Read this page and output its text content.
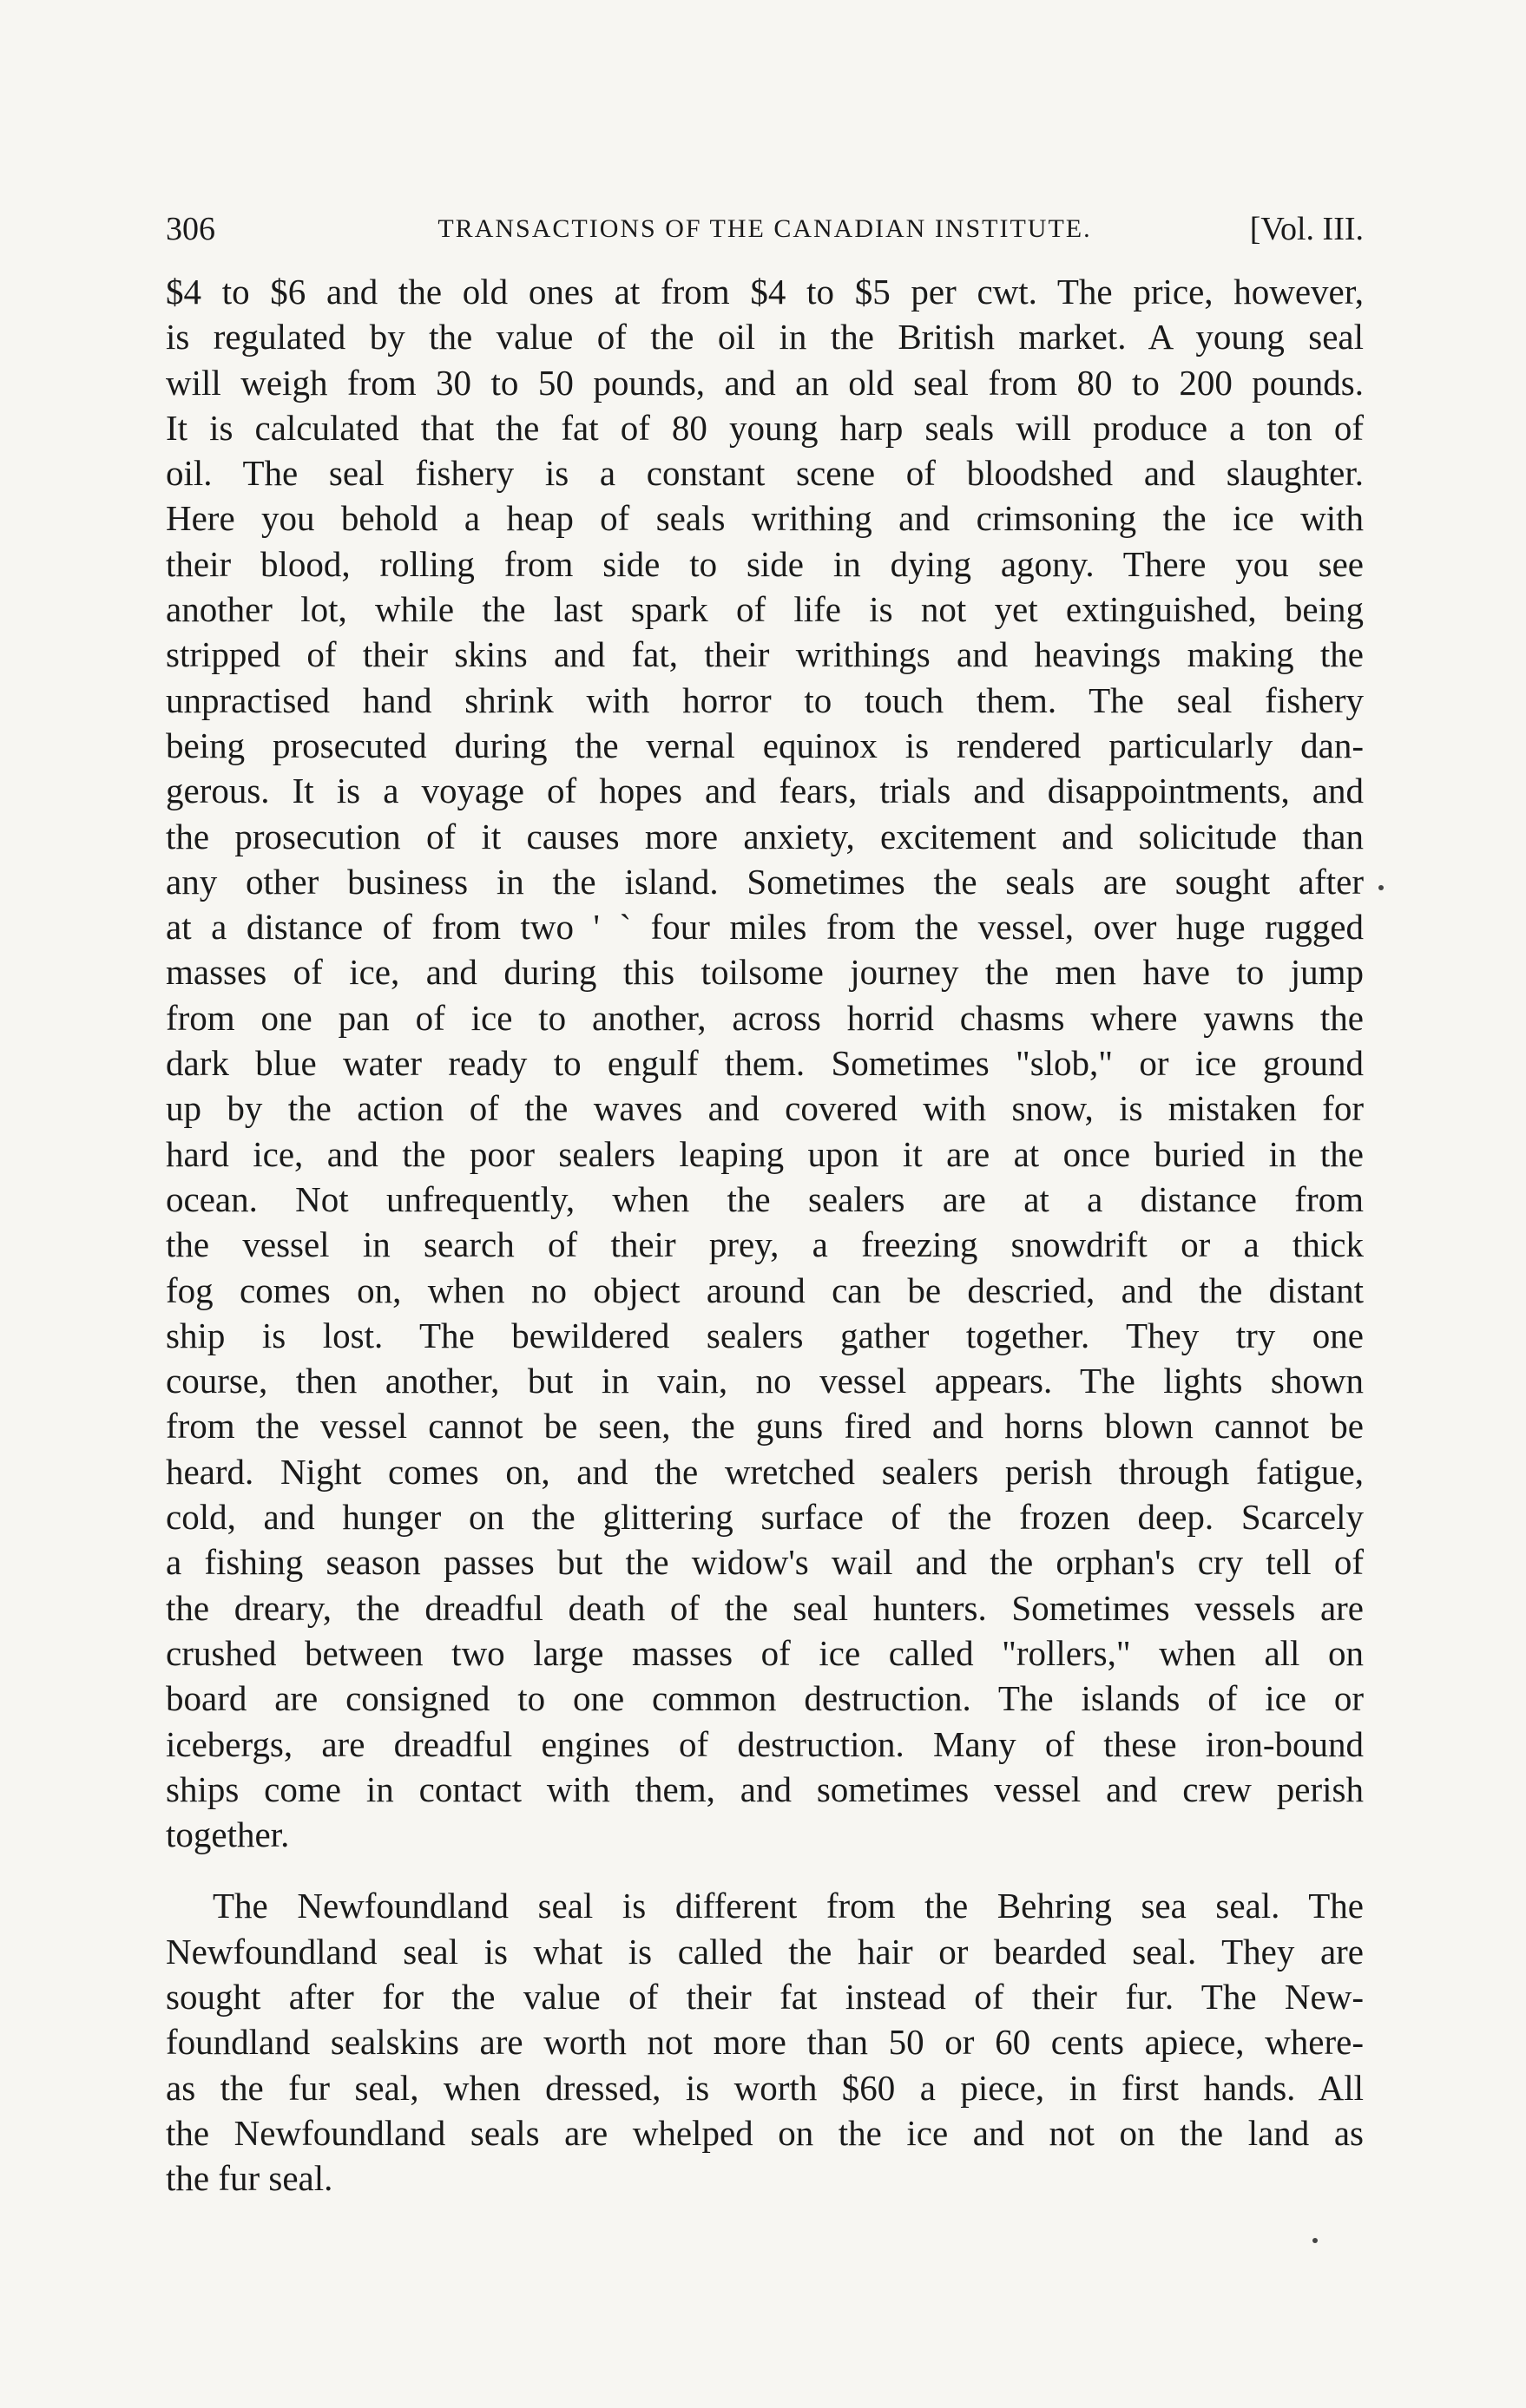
306	TRANSACTIONS OF THE CANADIAN INSTITUTE.	[Vol. III.
$4 to $6 and the old ones at from $4 to $5 per cwt. The price, however,
is regulated by the value of the oil in the British market. A young seal
will weigh from 30 to 50 pounds, and an old seal from 80 to 200 pounds.
It is calculated that the fat of 80 young harp seals will produce a ton of
oil. The seal fishery is a constant scene of bloodshed and slaughter.
Here you behold a heap of seals writhing and crimsoning the ice with
their blood, rolling from side to side in dying agony. There you see
another lot, while the last spark of life is not yet extinguished, being
stripped of their skins and fat, their writhings and heavings making the
unpractised hand shrink with horror to touch them. The seal fishery
being prosecuted during the vernal equinox is rendered particularly dan-
gerous. It is a voyage of hopes and fears, trials and disappointments, and
the prosecution of it causes more anxiety, excitement and solicitude than
any other business in the island. Sometimes the seals are sought after
at a distance of from two ' ` four miles from the vessel, over huge rugged
masses of ice, and during this toilsome journey the men have to jump
from one pan of ice to another, across horrid chasms where yawns the
dark blue water ready to engulf them. Sometimes "slob," or ice ground
up by the action of the waves and covered with snow, is mistaken for
hard ice, and the poor sealers leaping upon it are at once buried in the
ocean. Not unfrequently, when the sealers are at a distance from
the vessel in search of their prey, a freezing snowdrift or a thick
fog comes on, when no object around can be descried, and the distant
ship is lost. The bewildered sealers gather together. They try one
course, then another, but in vain, no vessel appears. The lights shown
from the vessel cannot be seen, the guns fired and horns blown cannot be
heard. Night comes on, and the wretched sealers perish through fatigue,
cold, and hunger on the glittering surface of the frozen deep. Scarcely
a fishing season passes but the widow's wail and the orphan's cry tell of
the dreary, the dreadful death of the seal hunters. Sometimes vessels are
crushed between two large masses of ice called "rollers," when all on
board are consigned to one common destruction. The islands of ice or
icebergs, are dreadful engines of destruction. Many of these iron-bound
ships come in contact with them, and sometimes vessel and crew perish
together.
The Newfoundland seal is different from the Behring sea seal. The
Newfoundland seal is what is called the hair or bearded seal. They are
sought after for the value of their fat instead of their fur. The New-
foundland sealskins are worth not more than 50 or 60 cents apiece, where-
as the fur seal, when dressed, is worth $60 a piece, in first hands. All
the Newfoundland seals are whelped on the ice and not on the land as
the fur seal.
